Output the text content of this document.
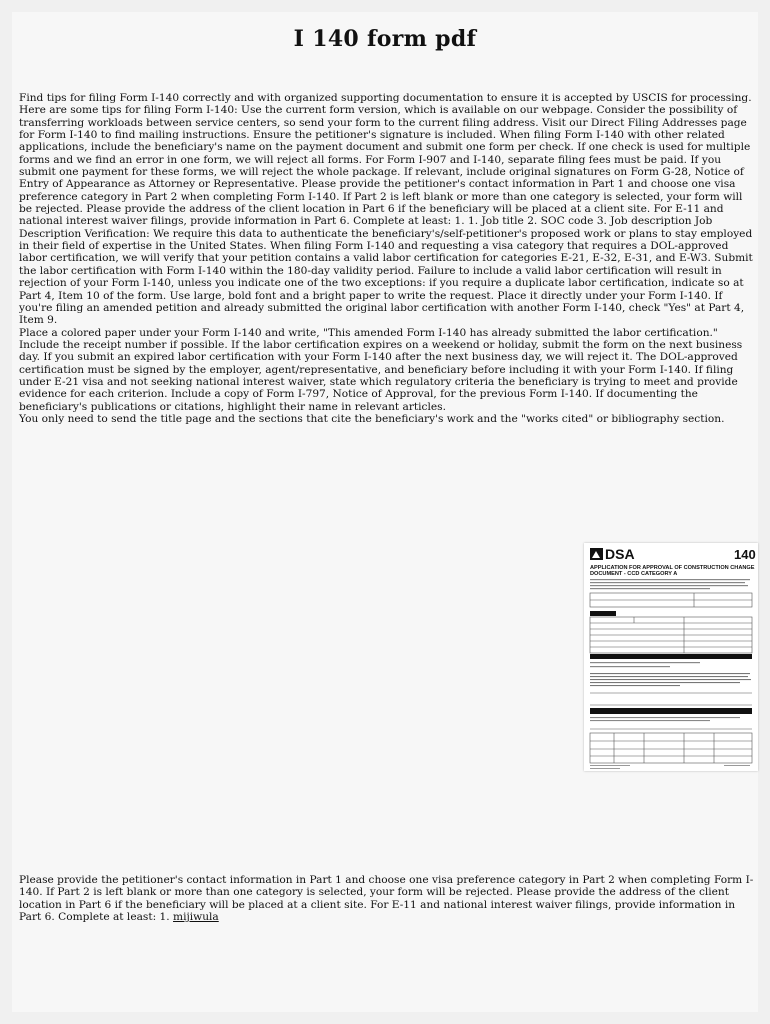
I 140 form pdf

Find tips for filing Form I-140 correctly and with organized supporting documentation to ensure it is accepted by USCIS for processing.

Here are some tips for filing Form I-140: Use the current form version, which is available on our webpage. Consider the possibility of transferring workloads between service centers, so send your form to the current filing address. Visit our Direct Filing Addresses page for Form I-140 to find mailing instructions. Ensure the petitioner's signature is included. When filing Form I-140 with other related applications, include the beneficiary's name on the payment document and submit one form per check. If one check is used for multiple forms and we find an error in one form, we will reject all forms. For Form I-907 and I-140, separate filing fees must be paid. If you submit one payment for these forms, we will reject the whole package. If relevant, include original signatures on Form G-28, Notice of Entry of Appearance as Attorney or Representative. Please provide the petitioner's contact information in Part 1 and choose one visa preference category in Part 2 when completing Form I-140. If Part 2 is left blank or more than one category is selected, your form will be rejected. Please provide the address of the client location in Part 6 if the beneficiary will be placed at a client site. For E-11 and national interest waiver filings, provide information in Part 6. Complete at least: 1. 1. Job title 2. SOC code 3. Job description Job Description Verification: We require this data to authenticate the beneficiary's/self-petitioner's proposed work or plans to stay employed in their field of expertise in the United States. When filing Form I-140 and requesting a visa category that requires a DOL-approved labor certification, we will verify that your petition contains a valid labor certification for categories E-21, E-32, E-31, and E-W3. Submit the labor certification with Form I-140 within the 180-day validity period. Failure to include a valid labor certification will result in rejection of your Form I-140, unless you indicate one of the two exceptions: if you require a duplicate labor certification, indicate so at Part 4, Item 10 of the form. Use large, bold font and a bright paper to write the request. Place it directly under your Form I-140. If you're filing an amended petition and already submitted the original labor certification with another Form I-140, check "Yes" at Part 4, Item 9.

Place a colored paper under your Form I-140 and write, "This amended Form I-140 has already submitted the labor certification." Include the receipt number if possible. If the labor certification expires on a weekend or holiday, submit the form on the next business day. If you submit an expired labor certification with your Form I-140 after the next business day, we will reject it. The DOL-approved certification must be signed by the employer, agent/representative, and beneficiary before including it with your Form I-140. If filing under E-21 visa and not seeking national interest waiver, state which regulatory criteria the beneficiary is trying to meet and provide evidence for each criterion. Include a copy of Form I-797, Notice of Approval, for the previous Form I-140. If documenting the beneficiary's publications or citations, highlight their name in relevant articles.

You only need to send the title page and the sections that cite the beneficiary's work and the "works cited" or bibliography section.

DSA	140
APPLICATION FOR APPROVAL OF CONSTRUCTION CHANGE
DOCUMENT - CCD CATEGORY A

Please provide the petitioner's contact information in Part 1 and choose one visa preference category in Part 2 when completing Form I-140. If Part 2 is left blank or more than one category is selected, your form will be rejected. Please provide the address of the client location in Part 6 if the beneficiary will be placed at a client site. For E-11 and national interest waiver filings, provide information in Part 6. Complete at least: 1. mijiwula
